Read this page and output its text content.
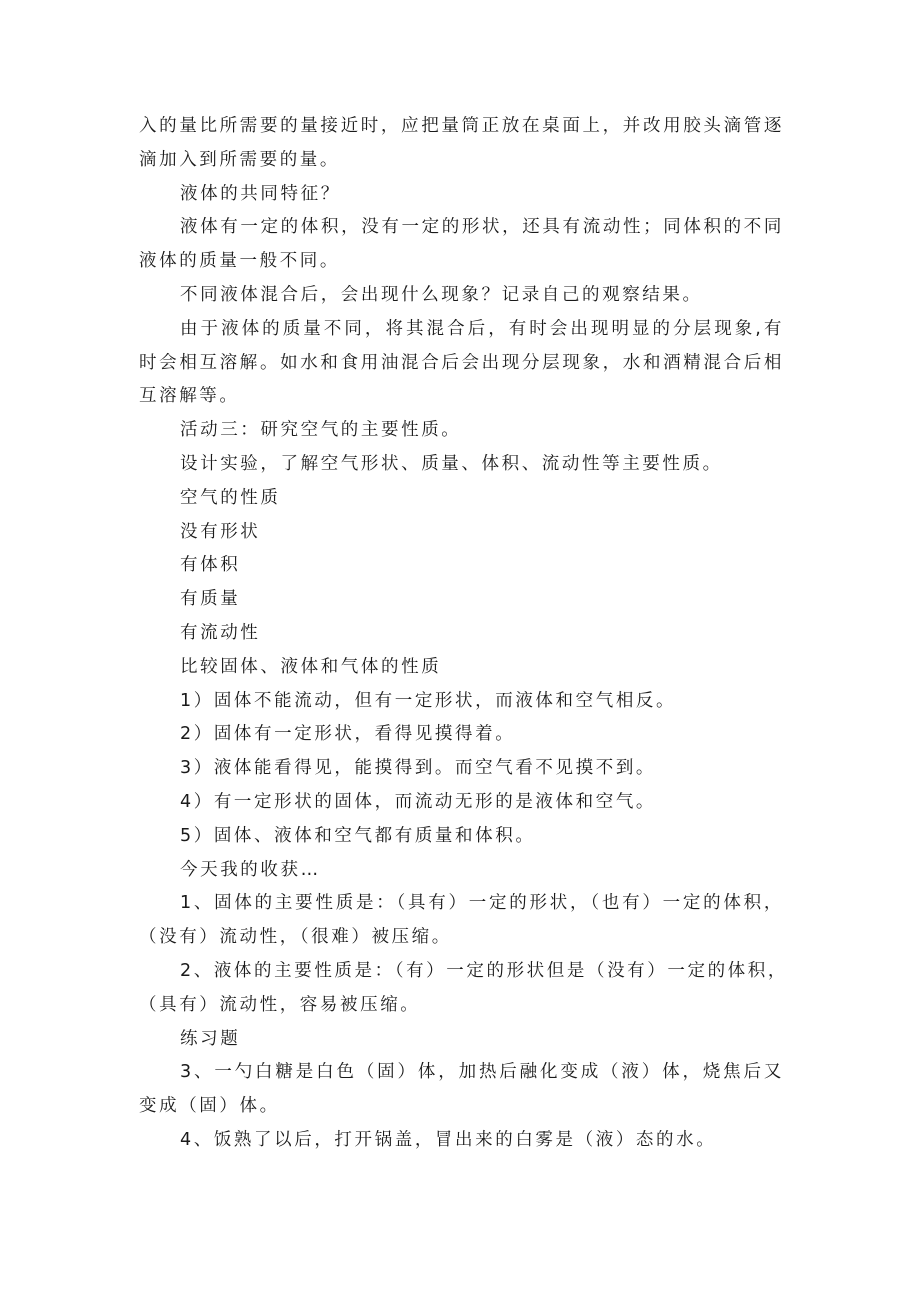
入的量比所需要的量接近时，应把量筒正放在桌面上，并改用胶头滴管逐

滴加入到所需要的量。

液体的共同特征？

液体有一定的体积，没有一定的形状，还具有流动性；同体积的不同

液体的质量一般不同。

不同液体混合后，会出现什么现象？记录自己的观察结果。

由于液体的质量不同，将其混合后，有时会出现明显的分层现象,有

时会相互溶解。如水和食用油混合后会出现分层现象，水和酒精混合后相

互溶解等。

活动三：研究空气的主要性质。

设计实验，了解空气形状、质量、体积、流动性等主要性质。

空气的性质

没有形状

有体积

有质量

有流动性

比较固体、液体和气体的性质

1）固体不能流动，但有一定形状，而液体和空气相反。

2）固体有一定形状，看得见摸得着。

3）液体能看得见，能摸得到。而空气看不见摸不到。

4）有一定形状的固体，而流动无形的是液体和空气。

5）固体、液体和空气都有质量和体积。

今天我的收获…

1、固体的主要性质是：（具有）一定的形状，（也有）一定的体积，

（没有）流动性，（很难）被压缩。

2、液体的主要性质是：（有）一定的形状但是（没有）一定的体积，

（具有）流动性，容易被压缩。

练习题

3、一勺白糖是白色（固）体，加热后融化变成（液）体，烧焦后又

变成（固）体。

4、饭熟了以后，打开锅盖，冒出来的白雾是（液）态的水。
